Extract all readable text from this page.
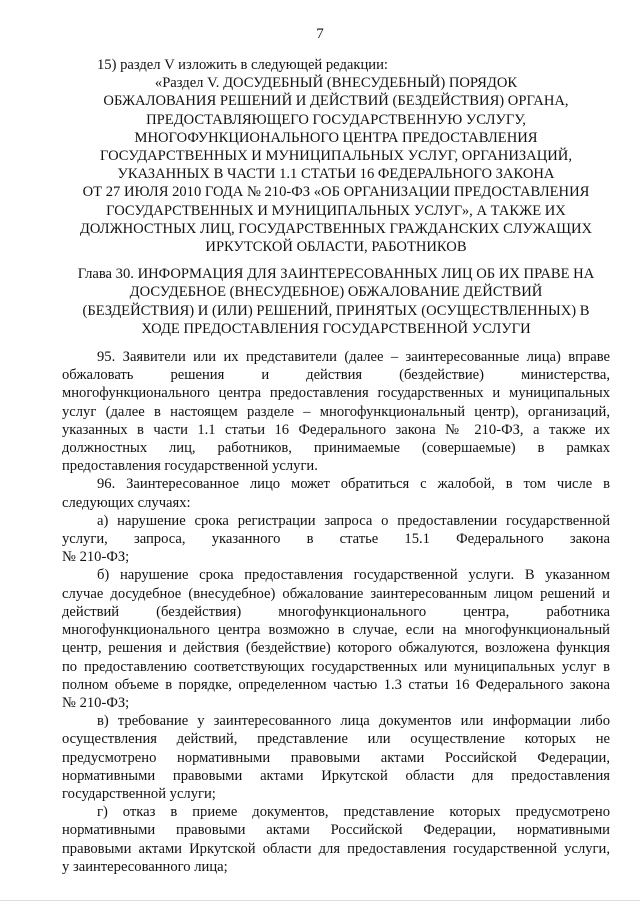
7

15) раздел V изложить в следующей редакции:

«Раздел V. ДОСУДЕБНЫЙ (ВНЕСУДЕБНЫЙ) ПОРЯДОК

ОБЖАЛОВАНИЯ РЕШЕНИЙ И ДЕЙСТВИЙ (БЕЗДЕЙСТВИЯ) ОРГАНА,

ПРЕДОСТАВЛЯЮЩЕГО ГОСУДАРСТВЕННУЮ УСЛУГУ,

МНОГОФУНКЦИОНАЛЬНОГО ЦЕНТРА ПРЕДОСТАВЛЕНИЯ

ГОСУДАРСТВЕННЫХ И МУНИЦИПАЛЬНЫХ УСЛУГ, ОРГАНИЗАЦИЙ,

УКАЗАННЫХ В ЧАСТИ 1.1 СТАТЬИ 16 ФЕДЕРАЛЬНОГО ЗАКОНА

ОТ 27 ИЮЛЯ 2010 ГОДА № 210-ФЗ «ОБ ОРГАНИЗАЦИИ ПРЕДОСТАВЛЕНИЯ

ГОСУДАРСТВЕННЫХ И МУНИЦИПАЛЬНЫХ УСЛУГ», А ТАКЖЕ ИХ

ДОЛЖНОСТНЫХ ЛИЦ, ГОСУДАРСТВЕННЫХ ГРАЖДАНСКИХ СЛУЖАЩИХ

ИРКУТСКОЙ ОБЛАСТИ, РАБОТНИКОВ

Глава 30. ИНФОРМАЦИЯ ДЛЯ ЗАИНТЕРЕСОВАННЫХ ЛИЦ ОБ ИХ ПРАВЕ НА

ДОСУДЕБНОЕ (ВНЕСУДЕБНОЕ) ОБЖАЛОВАНИЕ ДЕЙСТВИЙ

(БЕЗДЕЙСТВИЯ) И (ИЛИ) РЕШЕНИЙ, ПРИНЯТЫХ (ОСУЩЕСТВЛЕННЫХ) В

ХОДЕ ПРЕДОСТАВЛЕНИЯ ГОСУДАРСТВЕННОЙ УСЛУГИ

95. Заявители или их представители (далее – заинтересованные лица) вправе

обжаловать решения и действия (бездействие) министерства,

многофункционального центра предоставления государственных и муниципальных

услуг (далее в настоящем разделе – многофункциональный центр), организаций,

указанных в части 1.1 статьи 16 Федерального закона № 210-ФЗ, а также их

должностных лиц, работников, принимаемые (совершаемые) в рамках

предоставления государственной услуги.

96. Заинтересованное лицо может обратиться с жалобой, в том числе в

следующих случаях:

а) нарушение срока регистрации запроса о предоставлении государственной

услуги, запроса, указанного в статье 15.1 Федерального закона

№ 210-ФЗ;

б) нарушение срока предоставления государственной услуги. В указанном

случае досудебное (внесудебное) обжалование заинтересованным лицом решений и

действий (бездействия) многофункционального центра, работника

многофункционального центра возможно в случае, если на многофункциональный

центр, решения и действия (бездействие) которого обжалуются, возложена функция

по предоставлению соответствующих государственных или муниципальных услуг в

полном объеме в порядке, определенном частью 1.3 статьи 16 Федерального закона

№ 210-ФЗ;

в) требование у заинтересованного лица документов или информации либо

осуществления действий, представление или осуществление которых не

предусмотрено нормативными правовыми актами Российской Федерации,

нормативными правовыми актами Иркутской области для предоставления

государственной услуги;

г) отказ в приеме документов, представление которых предусмотрено

нормативными правовыми актами Российской Федерации, нормативными

правовыми актами Иркутской области для предоставления государственной услуги,

у заинтересованного лица;
